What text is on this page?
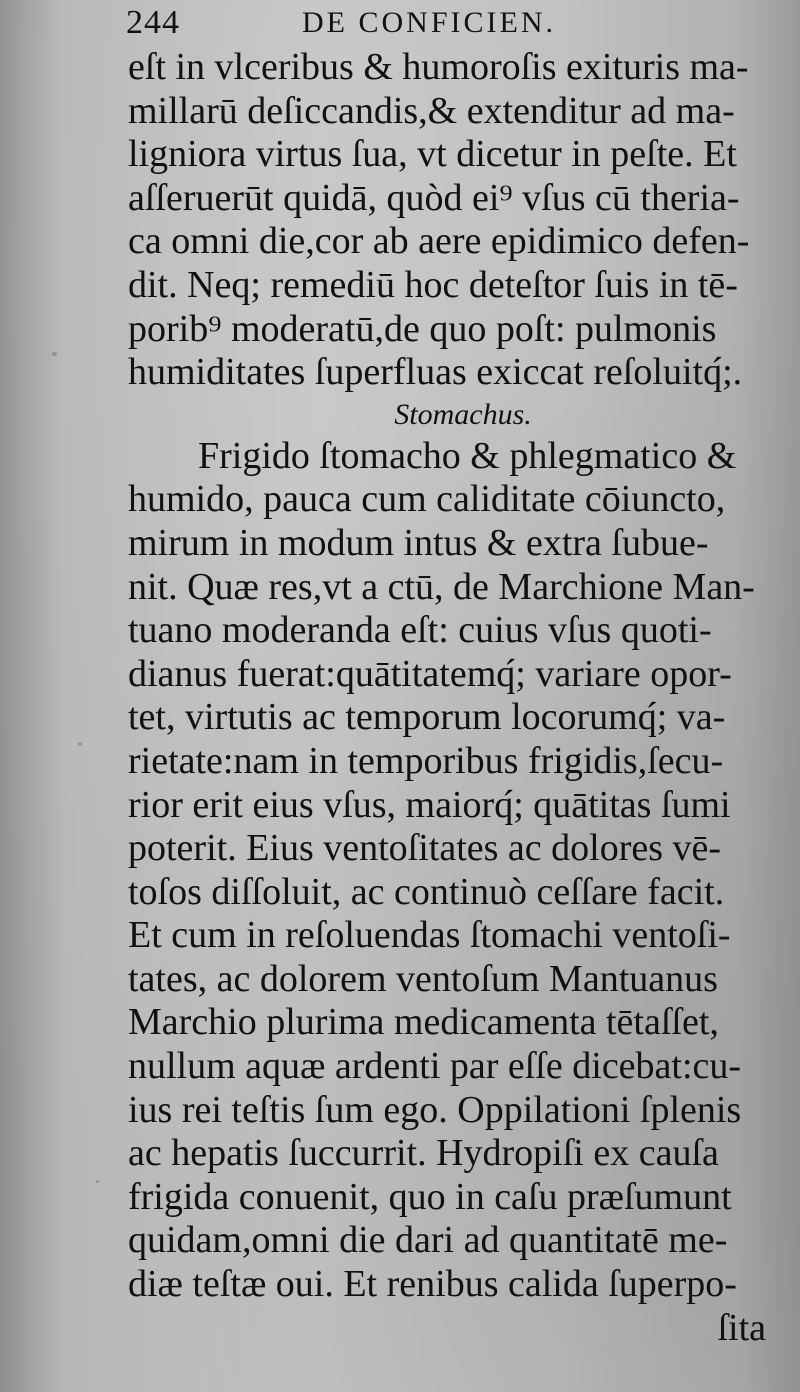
244	DE CONFICIEN.
eſt in vlceribus & humoroſis exituris ma-
millarū deſiccandis,& extenditur ad ma-
ligniora virtus ſua, vt dicetur in peſte. Et
aſſeruerūt quidā, quòd ei⁹ vſus cū theria-
ca omni die,cor ab aere epidimico defen-
dit. Neq; remediū hoc deteſtor ſuis in tē-
porib⁹ moderatū,de quo poſt: pulmonis
humiditates ſuperfluas exiccat reſoluitq́;.
Stomachus.
Frigido ſtomacho & phlegmatico &
humido, pauca cum caliditate cōiuncto,
mirum in modum intus & extra ſubue-
nit. Quæ res,vt a ctū, de Marchione Man-
tuano moderanda eſt: cuius vſus quoti-
dianus fuerat:quātitatemq́; variare opor-
tet, virtutis ac temporum locorumq́; va-
rietate:nam in temporibus frigidis,ſecu-
rior erit eius vſus, maiorq́; quātitas ſumi
poterit. Eius ventoſitates ac dolores vē-
toſos diſſoluit, ac continuò ceſſare facit.
Et cum in reſoluendas ſtomachi ventoſi-
tates, ac dolorem ventoſum Mantuanus
Marchio plurima medicamenta tētaſſet,
nullum aquæ ardenti par eſſe dicebat:cu-
ius rei teſtis ſum ego. Oppilationi ſplenis
ac hepatis ſuccurrit. Hydropiſi ex cauſa
frigida conuenit, quo in caſu præſumunt
quidam,omni die dari ad quantitatē me-
diæ teſtæ oui. Et renibus calida ſuperpo-
ſita
